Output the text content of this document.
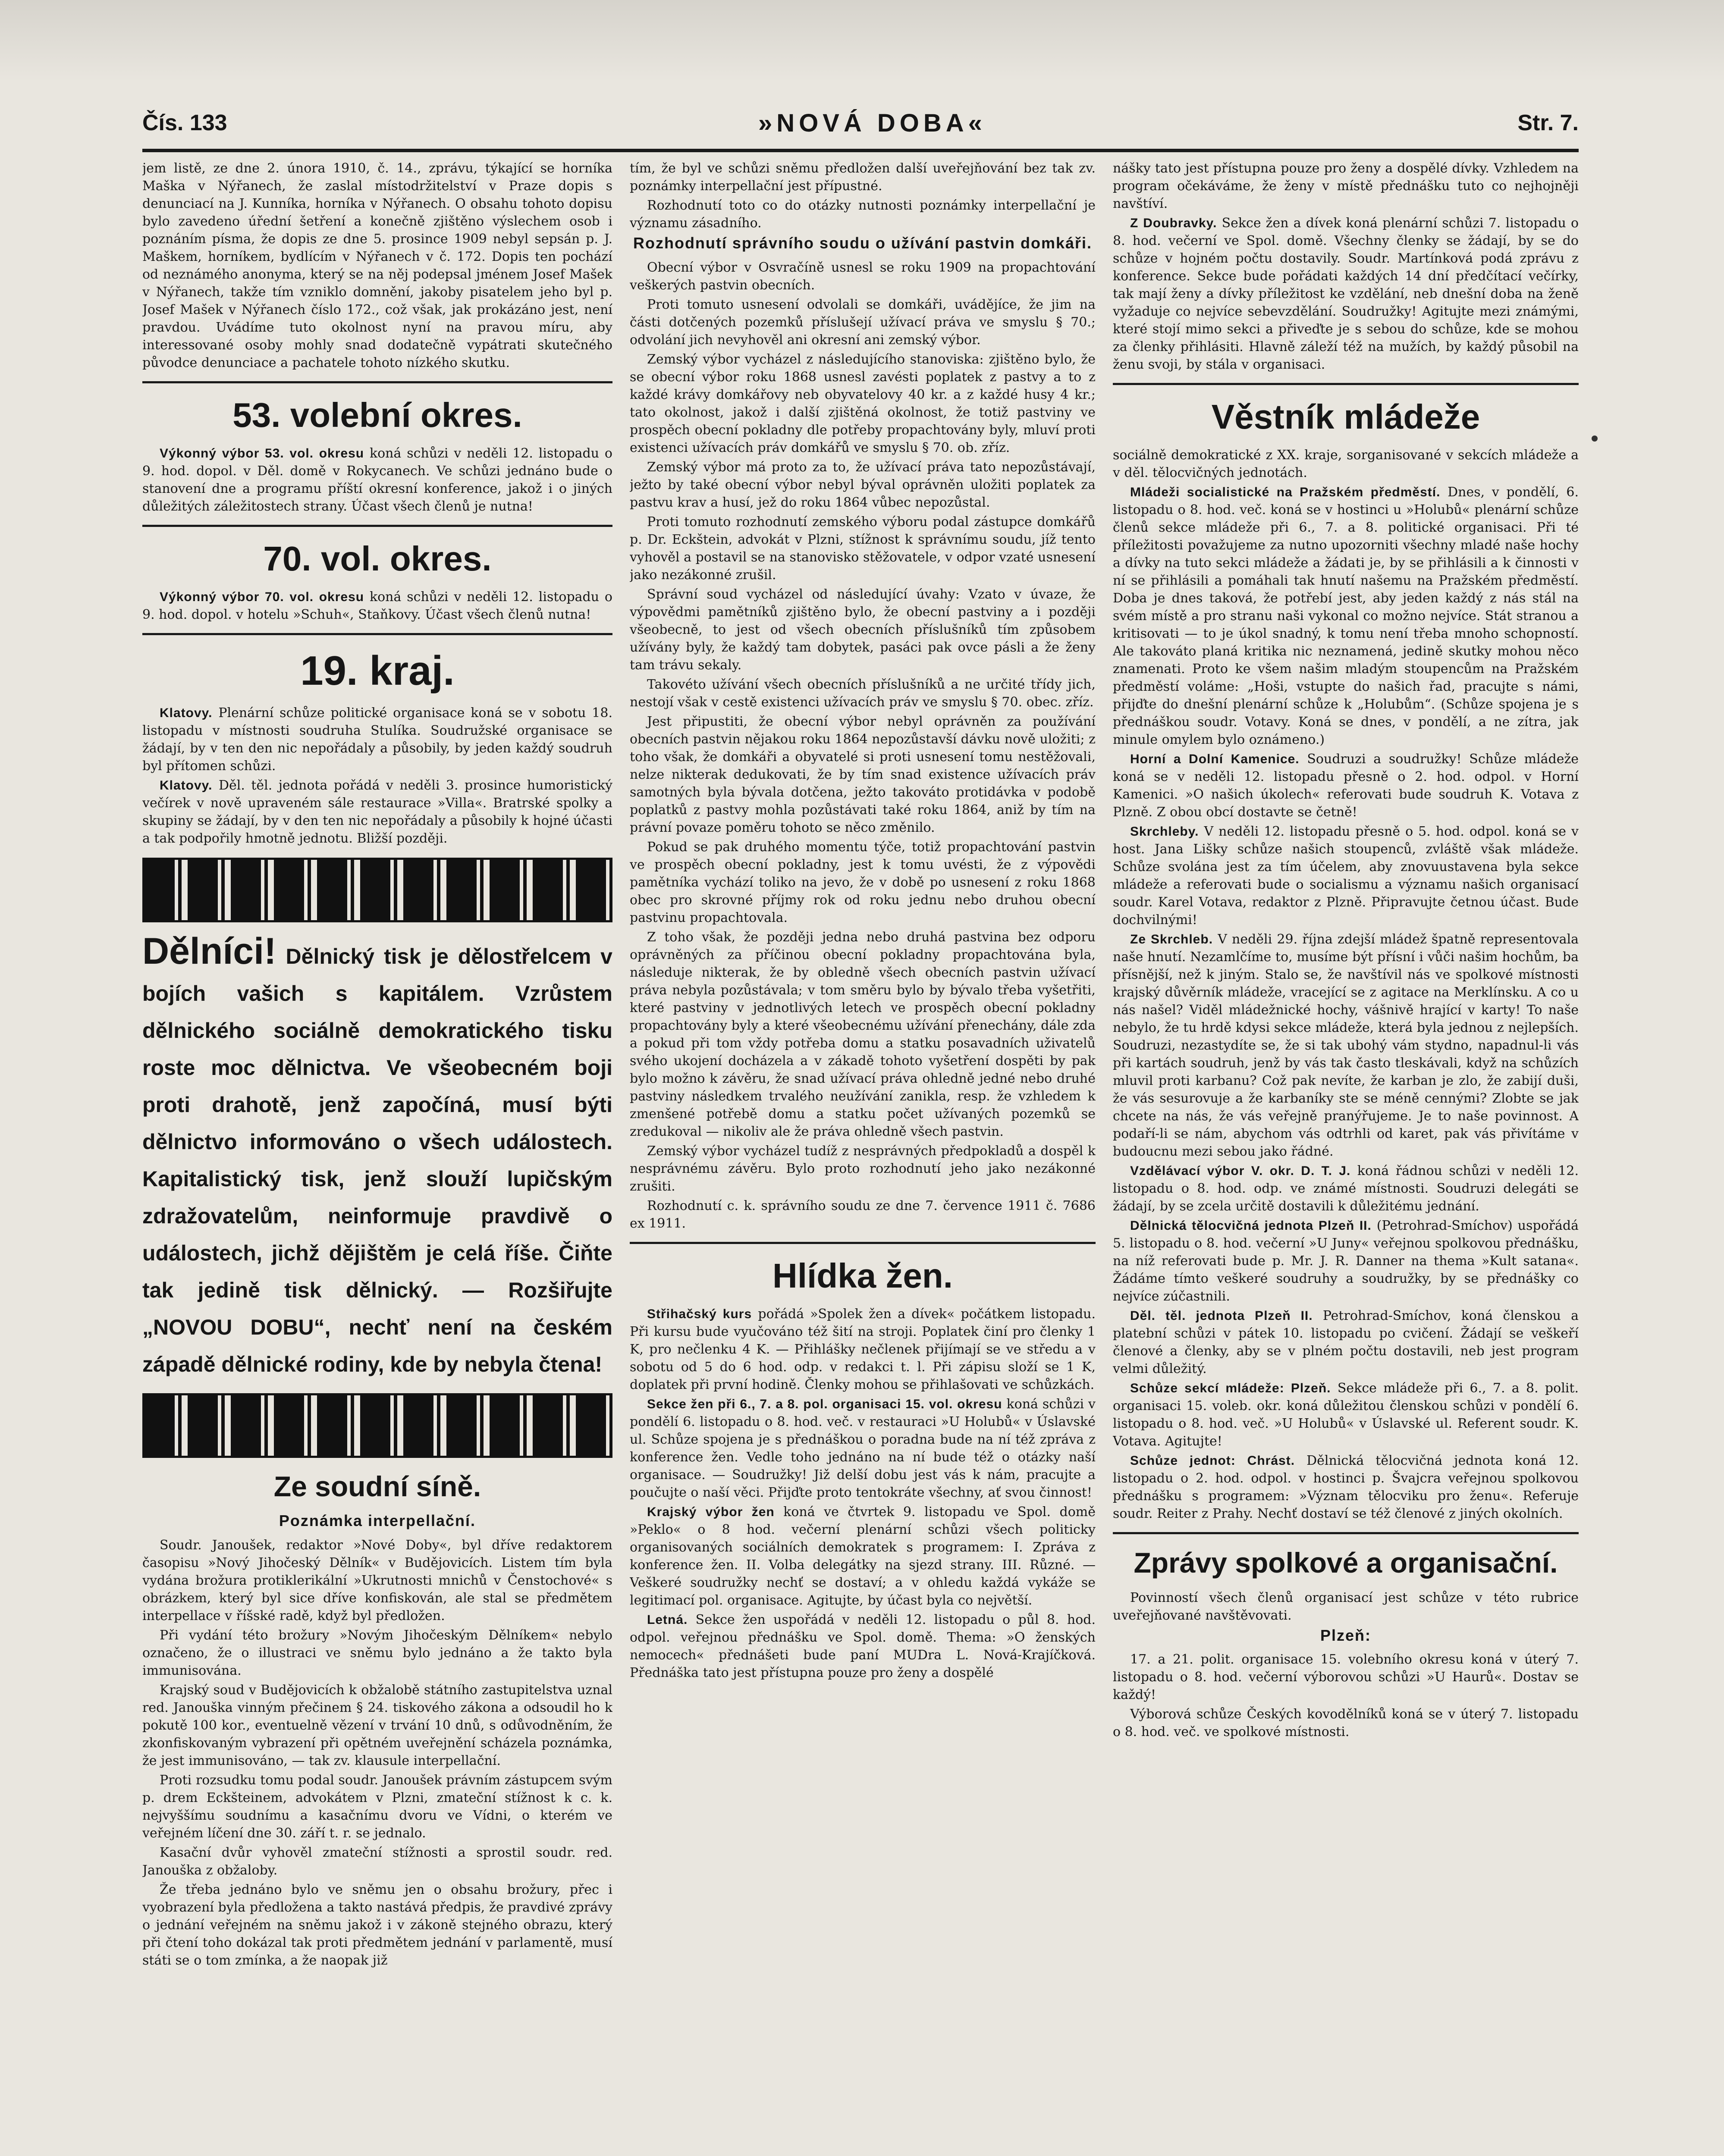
Čís. 133	»NOVÁ DOBA«	Str. 7.

jem listě, ze dne 2. února 1910, č. 14., zprávu, týkající se horníka Maška v Nýřanech, že zaslal místodržitelství v Praze dopis s denunciací na J. Kunníka, horníka v Nýřanech. O obsahu tohoto dopisu bylo zavedeno úřední šetření a konečně zjištěno výslechem osob i poznáním písma, že dopis ze dne 5. prosince 1909 nebyl sepsán p. J. Maškem, horníkem, bydlícím v Nýřanech v č. 172. Dopis ten pochází od neznámého anonyma, který se na něj podepsal jménem Josef Mašek v Nýřanech, takže tím vzniklo domnění, jakoby pisatelem jeho byl p. Josef Mašek v Nýřanech číslo 172., což však, jak prokázáno jest, není pravdou. Uvádíme tuto okolnost nyní na pravou míru, aby interessované osoby mohly snad dodatečně vypátrati skutečného původce denunciace a pachatele tohoto nízkého skutku.

53. volební okres.

Výkonný výbor 53. vol. okresu koná schůzi v neděli 12. listopadu o 9. hod. dopol. v Děl. domě v Rokycanech. Ve schůzi jednáno bude o stanovení dne a programu příští okresní konference, jakož i o jiných důležitých záležitostech strany. Účast všech členů je nutna!

70. vol. okres.

Výkonný výbor 70. vol. okresu koná schůzi v neděli 12. listopadu o 9. hod. dopol. v hotelu »Schuh«, Staňkovy. Účast všech členů nutna!

19. kraj.

Klatovy. Plenární schůze politické organisace koná se v sobotu 18. listopadu v místnosti soudruha Stulíka. Soudružské organisace se žádají, by v ten den nic nepořádaly a působily, by jeden každý soudruh byl přítomen schůzi.

Klatovy. Děl. těl. jednota pořádá v neděli 3. prosince humoristický večírek v nově upraveném sále restaurace »Villa«. Bratrské spolky a skupiny se žádají, by v den ten nic nepořádaly a působily k hojné účasti a tak podpořily hmotně jednotu. Bližší později.

Dělníci! Dělnický tisk je dělostřelcem v bojích vašich s kapitálem. Vzrůstem dělnického sociálně demokratického tisku roste moc dělnictva. Ve všeobecném boji proti drahotě, jenž započíná, musí býti dělnictvo informováno o všech událostech. Kapitalistický tisk, jenž slouží lupičským zdražovatelům, neinformuje pravdivě o událostech, jichž dějištěm je celá říše. Čiňte tak jedině tisk dělnický. — Rozšiřujte „NOVOU DOBU“, nechť není na českém západě dělnické rodiny, kde by nebyla čtena!
Ze soudní síně.
Poznámka interpellační.

Soudr. Janoušek, redaktor »Nové Doby«, byl dříve redaktorem časopisu »Nový Jihočeský Dělník« v Budějovicích. Listem tím byla vydána brožura protiklerikální »Ukrutnosti mnichů v Čenstochové« s obrázkem, který byl sice dříve konfiskován, ale stal se předmětem interpellace v říšské radě, když byl předložen.

Při vydání této brožury »Novým Jihočeským Dělníkem« nebylo označeno, že o illustraci ve sněmu bylo jednáno a že takto byla immunisována.

Krajský soud v Budějovicích k obžalobě státního zastupitelstva uznal red. Janouška vinným přečinem § 24. tiskového zákona a odsoudil ho k pokutě 100 kor., eventuelně vězení v trvání 10 dnů, s odůvodněním, že zkonfiskovaným vybrazení při opětném uveřejnění scházela poznámka, že jest immunisováno, — tak zv. klausule interpellační.

Proti rozsudku tomu podal soudr. Janoušek právním zástupcem svým p. drem Eckšteinem, advokátem v Plzni, zmateční stížnost k c. k. nejvyššímu soudnímu a kasačnímu dvoru ve Vídni, o kterém ve veřejném líčení dne 30. září t. r. se jednalo.

Kasační dvůr vyhověl zmateční stížnosti a sprostil soudr. red. Janouška z obžaloby.

Že třeba jednáno bylo ve sněmu jen o obsahu brožury, přec i vyobrazení byla předložena a takto nastává předpis, že pravdivé zprávy o jednání veřejném na sněmu jakož i v zákoně stejného obrazu, který při čtení toho dokázal tak proti předmětem jednání v parlamentě, musí státi se o tom zmínka, a že naopak již

tím, že byl ve schůzi sněmu předložen další uveřejňování bez tak zv. poznámky interpellační jest přípustné.

Rozhodnutí toto co do otázky nutnosti poznámky interpellační je významu zásadního.

Rozhodnutí správního soudu o užívání pastvin domkáři.

Obecní výbor v Osvračíně usnesl se roku 1909 na propachtování veškerých pastvin obecních.

Proti tomuto usnesení odvolali se domkáři, uvádějíce, že jim na části dotčených pozemků příslušejí užívací práva ve smyslu § 70.; odvolání jich nevyhověl ani okresní ani zemský výbor.

Zemský výbor vycházel z následujícího stanoviska: zjištěno bylo, že se obecní výbor roku 1868 usnesl zavésti poplatek z pastvy a to z každé krávy domkářovy neb obyvatelovy 40 kr. a z každé husy 4 kr.; tato okolnost, jakož i další zjištěná okolnost, že totiž pastviny ve prospěch obecní pokladny dle potřeby propachtovány byly, mluví proti existenci užívacích práv domkářů ve smyslu § 70. ob. zříz.

Zemský výbor má proto za to, že užívací práva tato nepozůstávají, ježto by také obecní výbor nebyl býval oprávněn uložiti poplatek za pastvu krav a husí, jež do roku 1864 vůbec nepozůstal.

Proti tomuto rozhodnutí zemského výboru podal zástupce domkářů p. Dr. Eckštein, advokát v Plzni, stížnost k správnímu soudu, jíž tento vyhověl a postavil se na stanovisko stěžovatele, v odpor vzaté usnesení jako nezákonné zrušil.

Správní soud vycházel od následující úvahy: Vzato v úvaze, že výpovědmi pamětníků zjištěno bylo, že obecní pastviny a i později všeobecně, to jest od všech obecních příslušníků tím způsobem užívány byly, že každý tam dobytek, pasáci pak ovce pásli a že ženy tam trávu sekaly.

Takovéto užívání všech obecních příslušníků a ne určité třídy jich, nestojí však v cestě existenci užívacích práv ve smyslu § 70. obec. zříz.

Jest připustiti, že obecní výbor nebyl oprávněn za používání obecních pastvin nějakou roku 1864 nepozůstavší dávku nově uložiti; z toho však, že domkáři a obyvatelé si proti usnesení tomu nestěžovali, nelze nikterak dedukovati, že by tím snad existence užívacích práv samotných byla bývala dotčena, ježto takováto protidávka v podobě poplatků z pastvy mohla pozůstávati také roku 1864, aniž by tím na právní povaze poměru tohoto se něco změnilo.

Pokud se pak druhého momentu týče, totiž propachtování pastvin ve prospěch obecní pokladny, jest k tomu uvésti, že z výpovědi pamětníka vychází toliko na jevo, že v době po usnesení z roku 1868 obec pro skrovné příjmy rok od roku jednu nebo druhou obecní pastvinu propachtovala.

Z toho však, že později jedna nebo druhá pastvina bez odporu oprávněných za příčinou obecní pokladny propachtována byla, následuje nikterak, že by obledně všech obecních pastvin užívací práva nebyla pozůstávala; v tom směru bylo by bývalo třeba vyšetřiti, které pastviny v jednotlivých letech ve prospěch obecní pokladny propachtovány byly a které všeobecnému užívání přenechány, dále zda a pokud při tom vždy potřeba domu a statku posavadních uživatelů svého ukojení docházela a v zákadě tohoto vyšetření dospěti by pak bylo možno k závěru, že snad užívací práva ohledně jedné nebo druhé pastviny následkem trvalého neužívání zanikla, resp. že vzhledem k zmenšené potřebě domu a statku počet užívaných pozemků se zredukoval — nikoliv ale že práva ohledně všech pastvin.

Zemský výbor vycházel tudíž z nesprávných předpokladů a dospěl k nesprávnému závěru. Bylo proto rozhodnutí jeho jako nezákonné zrušiti.

Rozhodnutí c. k. správního soudu ze dne 7. července 1911 č. 7686 ex 1911.

Hlídka žen.

Střihačský kurs pořádá »Spolek žen a dívek« počátkem listopadu. Při kursu bude vyučováno též šití na stroji. Poplatek činí pro členky 1 K, pro nečlenku 4 K. — Přihlášky nečlenek přijímají se ve středu a v sobotu od 5 do 6 hod. odp. v redakci t. l. Při zápisu složí se 1 K, doplatek při první hodině. Členky mohou se přihlašovati ve schůzkách.

Sekce žen při 6., 7. a 8. pol. organisaci 15. vol. okresu koná schůzi v pondělí 6. listopadu o 8. hod. več. v restauraci »U Holubů« v Úslavské ul. Schůze spojena je s přednáškou o poradna bude na ní též zpráva z konference žen. Vedle toho jednáno na ní bude též o otázky naší organisace. — Soudružky! Již delší dobu jest vás k nám, pracujte a poučujte o naší věci. Přijďte proto tentokráte všechny, ať svou činnost!

Krajský výbor žen koná ve čtvrtek 9. listopadu ve Spol. domě »Peklo« o 8 hod. večerní plenární schůzi všech politicky organisovaných sociálních demokratek s programem: I. Zpráva z konference žen. II. Volba delegátky na sjezd strany. III. Různé. — Veškeré soudružky nechť se dostaví; a v ohledu každá vykáže se legitimací pol. organisace. Agitujte, by účast byla co největší.

Letná. Sekce žen uspořádá v neděli 12. listopadu o půl 8. hod. odpol. veřejnou přednášku ve Spol. domě. Thema: »O ženských nemocech« přednášeti bude paní MUDra L. Nová-Krajíčková. Přednáška tato jest přístupna pouze pro ženy a dospělé

nášky tato jest přístupna pouze pro ženy a dospělé dívky. Vzhledem na program očekáváme, že ženy v místě přednášku tuto co nejhojněji navštíví.

Z Doubravky. Sekce žen a dívek koná plenární schůzi 7. listopadu o 8. hod. večerní ve Spol. domě. Všechny členky se žádají, by se do schůze v hojném počtu dostavily. Soudr. Martínková podá zprávu z konference. Sekce bude pořádati každých 14 dní předčítací večírky, tak mají ženy a dívky příležitost ke vzdělání, neb dnešní doba na ženě vyžaduje co nejvíce sebevzdělání. Soudružky! Agitujte mezi známými, které stojí mimo sekci a přiveďte je s sebou do schůze, kde se mohou za členky přihlásiti. Hlavně záleží též na mužích, by každý působil na ženu svoji, by stála v organisaci.

Věstník mládeže

sociálně demokratické z XX. kraje, sorganisované v sekcích mládeže a v děl. tělocvičných jednotách.

Mládeži socialistické na Pražském předměstí. Dnes, v pondělí, 6. listopadu o 8. hod. več. koná se v hostinci u »Holubů« plenární schůze členů sekce mládeže při 6., 7. a 8. politické organisaci. Při té příležitosti považujeme za nutno upozorniti všechny mladé naše hochy a dívky na tuto sekci mládeže a žádati je, by se přihlásili a k činnosti v ní se přihlásili a pomáhali tak hnutí našemu na Pražském předměstí. Doba je dnes taková, že potřebí jest, aby jeden každý z nás stál na svém místě a pro stranu naši vykonal co možno nejvíce. Stát stranou a kritisovati — to je úkol snadný, k tomu není třeba mnoho schopností. Ale takováto planá kritika nic neznamená, jedině skutky mohou něco znamenati. Proto ke všem našim mladým stoupencům na Pražském předměstí voláme: „Hoši, vstupte do našich řad, pracujte s námi, přijďte do dnešní plenární schůze k „Holubům“. (Schůze spojena je s přednáškou soudr. Votavy. Koná se dnes, v pondělí, a ne zítra, jak minule omylem bylo oznámeno.)

Horní a Dolní Kamenice. Soudruzi a soudružky! Schůze mládeže koná se v neděli 12. listopadu přesně o 2. hod. odpol. v Horní Kamenici. »O našich úkolech« referovati bude soudruh K. Votava z Plzně. Z obou obcí dostavte se četně!

Skrchleby. V neděli 12. listopadu přesně o 5. hod. odpol. koná se v host. Jana Lišky schůze našich stoupenců, zvláště však mládeže. Schůze svolána jest za tím účelem, aby znovuustavena byla sekce mládeže a referovati bude o socialismu a významu našich organisací soudr. Karel Votava, redaktor z Plzně. Připravujte četnou účast. Bude dochvilnými!

Ze Skrchleb. V neděli 29. října zdejší mládež špatně representovala naše hnutí. Nezamlčíme to, musíme být přísní i vůči našim hochům, ba přísnější, než k jiným. Stalo se, že navštívil nás ve spolkové místnosti krajský důvěrník mládeže, vracející se z agitace na Merklínsku. A co u nás našel? Viděl mládežnické hochy, vášnivě hrající v karty! To naše nebylo, že tu hrdě kdysi sekce mládeže, která byla jednou z nejlepších. Soudruzi, nezastydíte se, že si tak ubohý vám stydno, napadnul-li vás při kartách soudruh, jenž by vás tak často tleskávali, když na schůzích mluvil proti karbanu? Což pak nevíte, že karban je zlo, že zabijí duši, že vás sesurovuje a že karbaníky ste se méně cennými? Zlobte se jak chcete na nás, že vás veřejně pranýřujeme. Je to naše povinnost. A podaří-li se nám, abychom vás odtrhli od karet, pak vás přivítáme v budoucnu mezi sebou jako řádné.

Vzdělávací výbor V. okr. D. T. J. koná řádnou schůzi v neděli 12. listopadu o 8. hod. odp. ve známé místnosti. Soudruzi delegáti se žádají, by se zcela určitě dostavili k důležitému jednání.

Dělnická tělocvičná jednota Plzeň II. (Petrohrad-Smíchov) uspořádá 5. listopadu o 8. hod. večerní »U Juny« veřejnou spolkovou přednášku, na níž referovati bude p. Mr. J. R. Danner na thema »Kult satana«. Žádáme tímto veškeré soudruhy a soudružky, by se přednášky co nejvíce zúčastnili.

Děl. těl. jednota Plzeň II. Petrohrad-Smíchov, koná členskou a platební schůzi v pátek 10. listopadu po cvičení. Žádají se veškeří členové a členky, aby se v plném počtu dostavili, neb jest program velmi důležitý.

Schůze sekcí mládeže: Plzeň. Sekce mládeže při 6., 7. a 8. polit. organisaci 15. voleb. okr. koná důležitou členskou schůzi v pondělí 6. listopadu o 8. hod. več. »U Holubů« v Úslavské ul. Referent soudr. K. Votava. Agitujte!

Schůze jednot: Chrást. Dělnická tělocvičná jednota koná 12. listopadu o 2. hod. odpol. v hostinci p. Švajcra veřejnou spolkovou přednášku s programem: »Význam tělocviku pro ženu«. Referuje soudr. Reiter z Prahy. Nechť dostaví se též členové z jiných okolních.

Zprávy spolkové a organisační.

Povinností všech členů organisací jest schůze v této rubrice uveřejňované navštěvovati.

Plzeň:

17. a 21. polit. organisace 15. volebního okresu koná v úterý 7. listopadu o 8. hod. večerní výborovou schůzi »U Haurů«. Dostav se každý!

Výborová schůze Českých kovodělníků koná se v úterý 7. listopadu o 8. hod. več. ve spolkové místnosti.
